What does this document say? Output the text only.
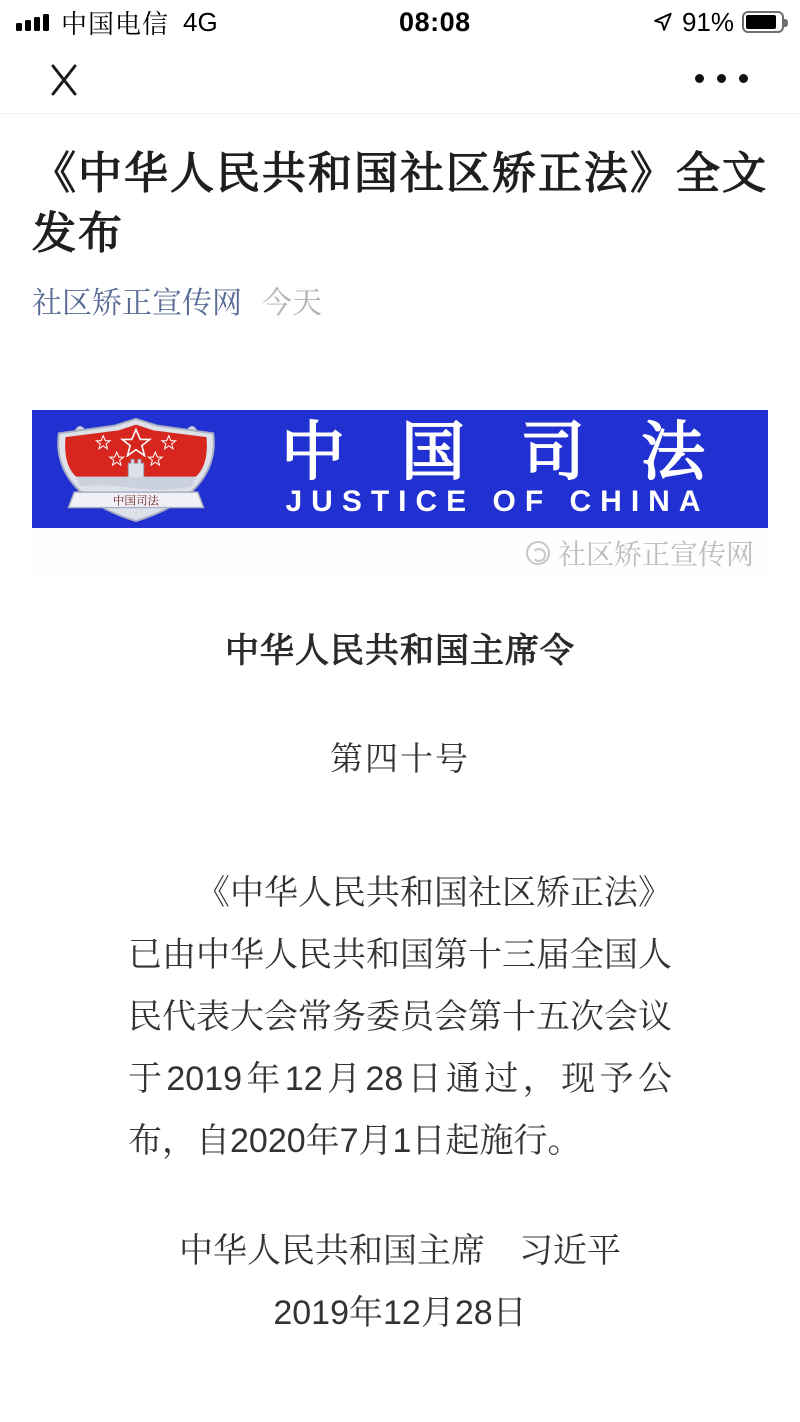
中国电信 4G	08:08	91%
《中华人民共和国社区矫正法》全文发布
社区矫正宣传网 今天
中国司法
中国司法
JUSTICE OF CHINA
社区矫正宣传网
中华人民共和国主席令

第四十号

《中华人民共和国社区矫正法》已由中华人民共和国第十三届全国人民代表大会常务委员会第十五次会议于2019年12月28日通过，现予公布，自2020年7月1日起施行。

中华人民共和国主席　习近平

2019年12月28日
